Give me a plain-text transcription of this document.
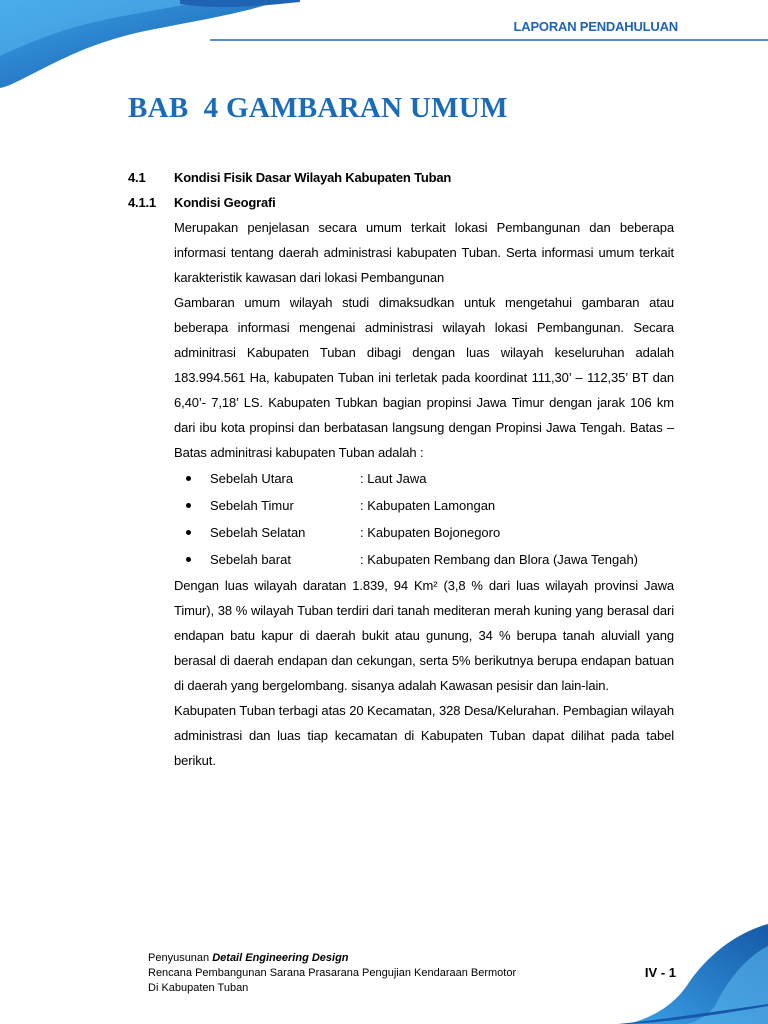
LAPORAN PENDAHULUAN
BAB  4 GAMBARAN UMUM
4.1 Kondisi Fisik Dasar Wilayah Kabupaten Tuban
4.1.1 Kondisi Geografi
Merupakan penjelasan secara umum terkait lokasi Pembangunan dan beberapa informasi tentang daerah administrasi kabupaten Tuban. Serta informasi umum terkait karakteristik kawasan dari lokasi Pembangunan
Gambaran umum wilayah studi dimaksudkan untuk mengetahui gambaran atau beberapa informasi mengenai administrasi wilayah lokasi Pembangunan. Secara adminitrasi Kabupaten Tuban dibagi dengan luas wilayah keseluruhan adalah 183.994.561 Ha, kabupaten Tuban ini terletak pada koordinat 111,30’ – 112,35’ BT dan 6,40’- 7,18’ LS. Kabupaten Tubkan bagian propinsi Jawa Timur dengan jarak 106 km dari ibu kota propinsi dan berbatasan langsung dengan Propinsi Jawa Tengah. Batas – Batas adminitrasi kabupaten Tuban adalah :
Sebelah Utara	: Laut Jawa
Sebelah Timur	: Kabupaten Lamongan
Sebelah Selatan	: Kabupaten Bojonegoro
Sebelah barat	: Kabupaten Rembang dan Blora (Jawa Tengah)
Dengan luas wilayah daratan 1.839, 94 Km² (3,8 % dari luas wilayah provinsi Jawa Timur), 38 % wilayah Tuban terdiri dari tanah mediteran merah kuning yang berasal dari endapan batu kapur di daerah bukit atau gunung, 34 % berupa tanah aluviall yang berasal di daerah endapan dan cekungan, serta 5% berikutnya berupa endapan batuan di daerah yang bergelombang. sisanya adalah Kawasan pesisir dan lain-lain.
Kabupaten Tuban terbagi atas 20 Kecamatan, 328 Desa/Kelurahan. Pembagian wilayah administrasi dan luas tiap kecamatan di Kabupaten Tuban dapat dilihat pada tabel berikut.
Penyusunan Detail Engineering Design
Rencana Pembangunan Sarana Prasarana Pengujian Kendaraan Bermotor
Di Kabupaten Tuban
IV - 1
